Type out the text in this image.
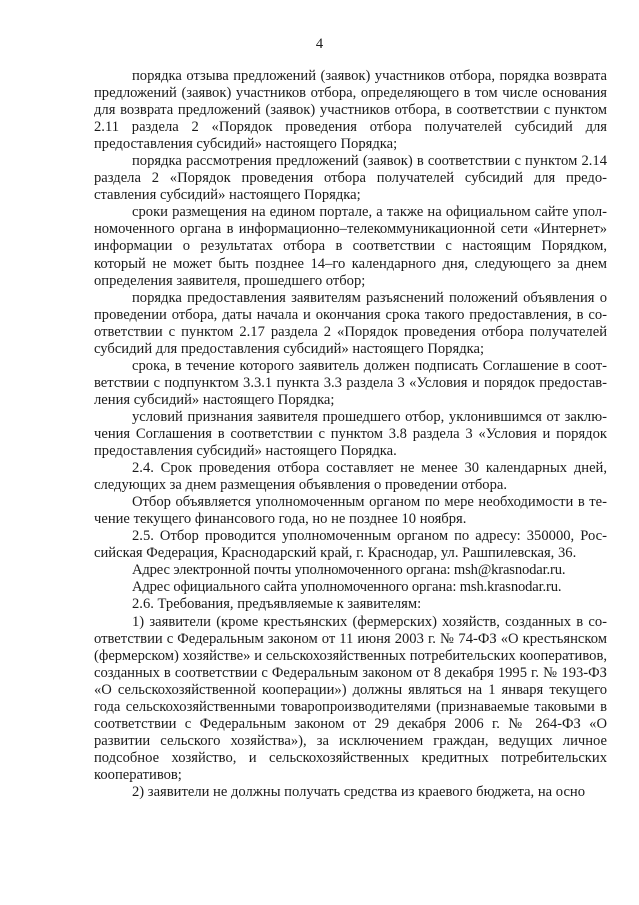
4

порядка отзыва предложений (заявок) участников отбора, порядка возврата предложений (заявок) участников отбора, определяющего в том числе основания для возврата предложений (заявок) участников отбора, в соответствии с пунктом 2.11 раздела 2 «Порядок проведения отбора получателей субсидий для предоставления субсидий» настоящего Порядка;

порядка рассмотрения предложений (заявок) в соответствии с пунктом 2.14 раздела 2 «Порядок проведения отбора получателей субсидий для предоставления субсидий» настоящего Порядка;

сроки размещения на едином портале, а также на официальном сайте уполномоченного органа в информационно–телекоммуникационной сети «Интернет» информации о результатах отбора в соответствии с настоящим Порядком, который не может быть позднее 14–го календарного дня, следующего за днем определения заявителя, прошедшего отбор;

порядка предоставления заявителям разъяснений положений объявления о проведении отбора, даты начала и окончания срока такого предоставления, в соответствии с пунктом 2.17 раздела 2 «Порядок проведения отбора получателей субсидий для предоставления субсидий» настоящего Порядка;

срока, в течение которого заявитель должен подписать Соглашение в соответствии с подпунктом 3.3.1 пункта 3.3 раздела 3 «Условия и порядок предоставления субсидий» настоящего Порядка;

условий признания заявителя прошедшего отбор, уклонившимся от заключения Соглашения в соответствии с пунктом 3.8 раздела 3 «Условия и порядок предоставления субсидий» настоящего Порядка.

2.4. Срок проведения отбора составляет не менее 30 календарных дней, следующих за днем размещения объявления о проведении отбора.

Отбор объявляется уполномоченным органом по мере необходимости в течение текущего финансового года, но не позднее 10 ноября.

2.5. Отбор проводится уполномоченным органом по адресу: 350000, Российская Федерация, Краснодарский край, г. Краснодар, ул. Рашпилевская, 36.

Адрес электронной почты уполномоченного органа: msh@krasnodar.ru.

Адрес официального сайта уполномоченного органа: msh.krasnodar.ru.

2.6. Требования, предъявляемые к заявителям:

1) заявители (кроме крестьянских (фермерских) хозяйств, созданных в соответствии с Федеральным законом от 11 июня 2003 г. № 74-ФЗ «О крестьянском (фермерском) хозяйстве» и сельскохозяйственных потребительских кооперативов, созданных в соответствии с Федеральным законом от 8 декабря 1995 г. № 193-ФЗ «О сельскохозяйственной кооперации») должны являться на 1 января текущего года сельскохозяйственными товаропроизводителями (признаваемые таковыми в соответствии с Федеральным законом от 29 декабря 2006 г. № 264-ФЗ «О развитии сельского хозяйства»), за исключением граждан, ведущих личное подсобное хозяйство, и сельскохозяйственных кредитных потребительских кооперативов;

2) заявители не должны получать средства из краевого бюджета, на осно
